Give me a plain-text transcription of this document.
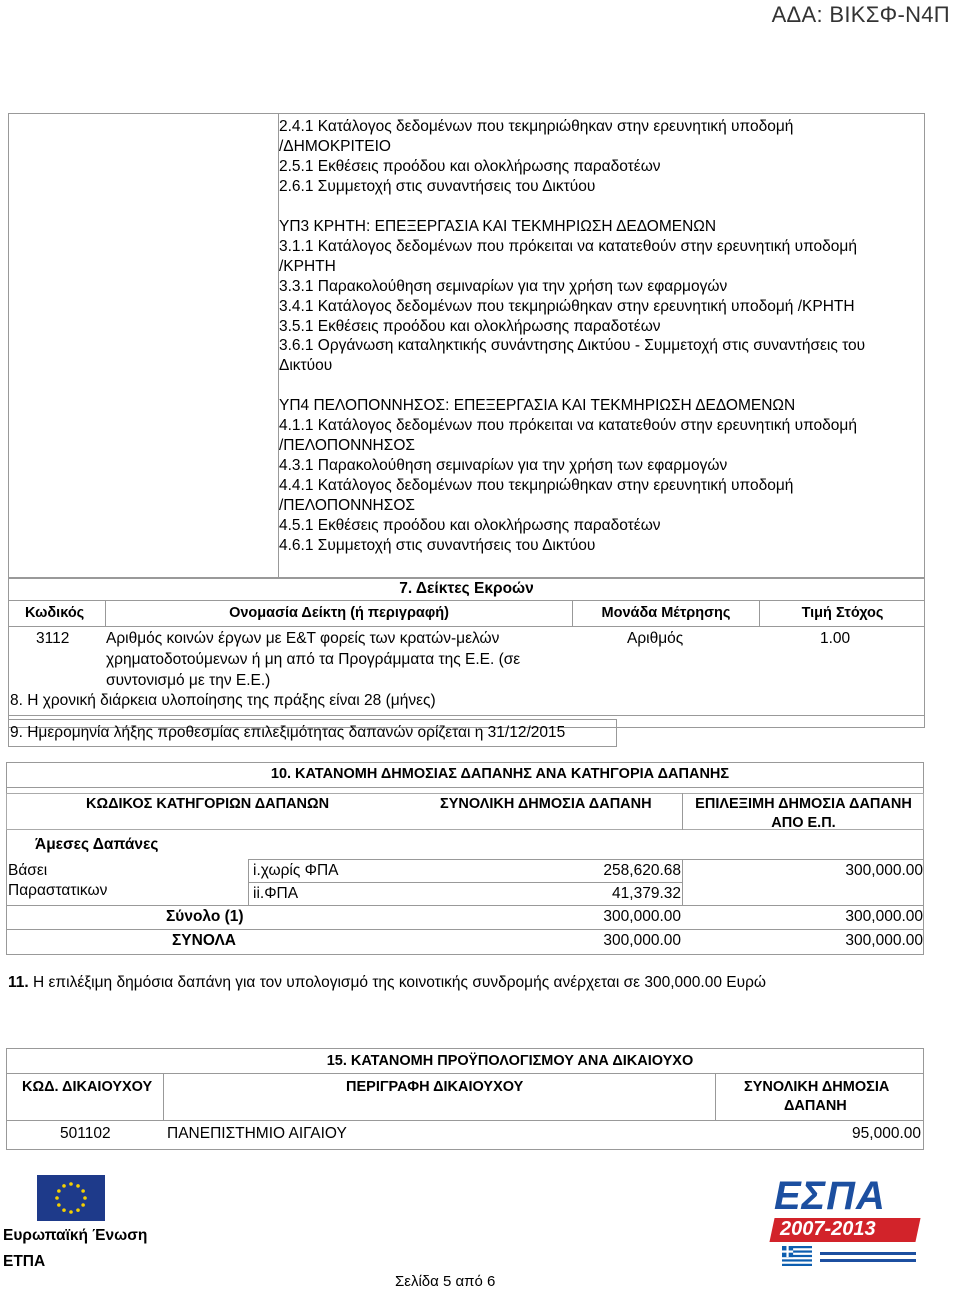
ΑΔΑ: ΒΙΚΣΦ-Ν4Π
2.4.1 Κατάλογος δεδομένων που τεκμηριώθηκαν στην ερευνητική υποδομή
/ΔΗΜΟΚΡΙΤΕΙΟ
2.5.1 Εκθέσεις προόδου και ολοκλήρωσης παραδοτέων
2.6.1 Συμμετοχή στις συναντήσεις του Δικτύου
ΥΠ3 ΚΡΗΤΗ: ΕΠΕΞΕΡΓΑΣΙΑ ΚΑΙ ΤΕΚΜΗΡΙΩΣΗ ΔΕΔΟΜΕΝΩΝ
3.1.1 Κατάλογος δεδομένων που πρόκειται να κατατεθούν στην ερευνητική υποδομή
/ΚΡΗΤΗ
3.3.1 Παρακολούθηση σεμιναρίων για την χρήση των εφαρμογών
3.4.1 Κατάλογος δεδομένων που τεκμηριώθηκαν στην ερευνητική υποδομή /ΚΡΗΤΗ
3.5.1 Εκθέσεις προόδου και ολοκλήρωσης παραδοτέων
3.6.1 Οργάνωση καταληκτικής συνάντησης Δικτύου - Συμμετοχή στις συναντήσεις του
Δικτύου
ΥΠ4 ΠΕΛΟΠΟΝΝΗΣΟΣ: ΕΠΕΞΕΡΓΑΣΙΑ ΚΑΙ ΤΕΚΜΗΡΙΩΣΗ ΔΕΔΟΜΕΝΩΝ
4.1.1 Κατάλογος δεδομένων που πρόκειται να κατατεθούν στην ερευνητική υποδομή
/ΠΕΛΟΠΟΝΝΗΣΟΣ
4.3.1 Παρακολούθηση σεμιναρίων για την χρήση των εφαρμογών
4.4.1 Κατάλογος δεδομένων που τεκμηριώθηκαν στην ερευνητική υποδομή
/ΠΕΛΟΠΟΝΝΗΣΟΣ
4.5.1 Εκθέσεις προόδου και ολοκλήρωσης παραδοτέων
4.6.1 Συμμετοχή στις συναντήσεις του Δικτύου
7. Δείκτες Εκροών
Κωδικός	Ονομασία Δείκτη (ή περιγραφή)	Μονάδα Μέτρησης	Τιμή Στόχος
3112 Αριθμός κοινών έργων με Ε&Τ φορείς των κρατών-μελών
χρηματοδοτούμενων ή μη από τα Προγράμματα της Ε.Ε. (σε
συντονισμό με την Ε.Ε.)
Αριθμός	1.00
8. Η χρονική διάρκεια υλοποίησης της πράξης είναι 28 (μήνες)
9. Ημερομηνία λήξης προθεσμίας επιλεξιμότητας δαπανών ορίζεται η 31/12/2015
10. ΚΑΤΑΝΟΜΗ ΔΗΜΟΣΙΑΣ ΔΑΠΑΝΗΣ ΑΝΑ ΚΑΤΗΓΟΡΙΑ ΔΑΠΑΝΗΣ
ΚΩΔΙΚΟΣ ΚΑΤΗΓΟΡΙΩΝ ΔΑΠΑΝΩΝ	ΣΥΝΟΛΙΚΗ ΔΗΜΟΣΙΑ ΔΑΠΑΝΗ	ΕΠΙΛΕΞΙΜΗ ΔΗΜΟΣΙΑ ΔΑΠΑΝΗ
ΑΠΟ Ε.Π.
Άμεσες Δαπάνες
Βάσει
Παραστατικων
i.χωρίς ΦΠΑ	258,620.68	300,000.00
ii.ΦΠΑ	41,379.32
Σύνολο (1)	300,000.00	300,000.00
ΣΥΝΟΛΑ	300,000.00	300,000.00
11. Η επιλέξιμη δημόσια δαπάνη για τον υπολογισμό της κοινοτικής συνδρομής ανέρχεται σε 300,000.00 Ευρώ
15. ΚΑΤΑΝΟΜΗ ΠΡΟΫΠΟΛΟΓΙΣΜΟΥ ΑΝΑ ΔΙΚΑΙΟΥΧΟ
ΚΩΔ. ΔΙΚΑΙΟΥΧΟΥ	ΠΕΡΙΓΡΑΦΗ ΔΙΚΑΙΟΥΧΟΥ	ΣΥΝΟΛΙΚΗ ΔΗΜΟΣΙΑ
ΔΑΠΑΝΗ
501102	ΠΑΝΕΠΙΣΤΗΜΙΟ ΑΙΓΑΙΟΥ	95,000.00
Ευρωπαϊκή Ένωση
ΕΤΠΑ
Σελίδα 5 από 6
ΕΣΠΑ
2007-2013
